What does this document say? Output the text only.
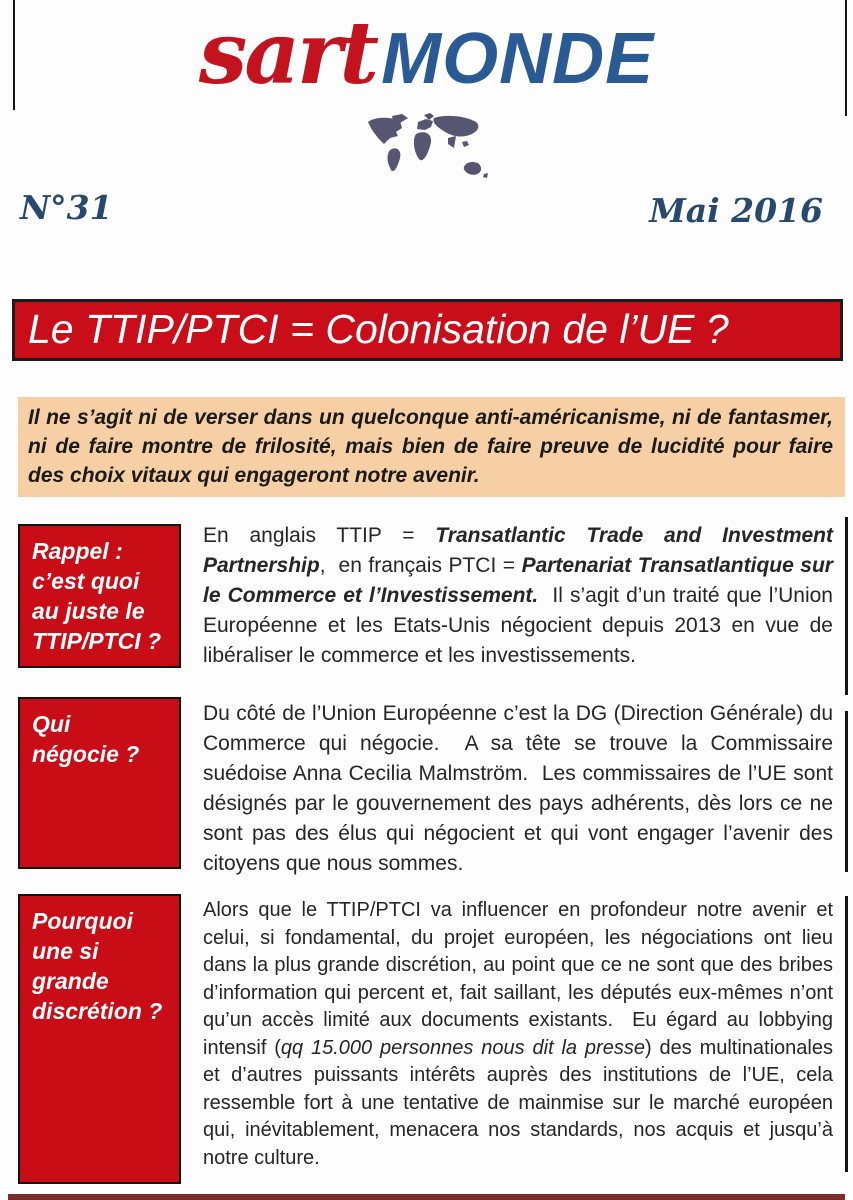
sartMONDE
N°31	Mai 2016
Le TTIP/PTCI = Colonisation de l’UE ?
Il ne s’agit ni de verser dans un quelconque anti-américanisme, ni de fantasmer, ni de faire montre de frilosité, mais bien de faire preuve de lucidité pour faire des choix vitaux qui engageront notre avenir.
Rappel :
c’est quoi
au juste le
TTIP/PTCI ?
En anglais TTIP = Transatlantic Trade and Investment Partnership,  en français PTCI = Partenariat Transatlantique sur le Commerce et l’Investissement.  Il s’agit d’un traité que l’Union Européenne et les Etats-Unis négocient depuis 2013 en vue de libéraliser le commerce et les investissements.
Qui
négocie ?
Du côté de l’Union Européenne c’est la DG (Direction Générale) du Commerce qui négocie.  A sa tête se trouve la Commissaire suédoise Anna Cecilia Malmström.  Les commissaires de l’UE sont désignés par le gouvernement des pays adhérents, dès lors ce ne sont pas des élus qui négocient et qui vont engager l’avenir des citoyens que nous sommes.
Pourquoi
une si
grande
discrétion ?
Alors que le TTIP/PTCI va influencer en profondeur notre avenir et celui, si fondamental, du projet européen, les négociations ont lieu dans la plus grande discrétion, au point que ce ne sont que des bribes d’information qui percent et, fait saillant, les députés eux-mêmes n’ont qu’un accès limité aux documents existants.  Eu égard au lobbying intensif (qq 15.000 personnes nous dit la presse) des multinationales et d’autres puissants intérêts auprès des institutions de l’UE, cela ressemble fort à une tentative de mainmise sur le marché européen qui, inévitablement, menacera nos standards, nos acquis et jusqu’à notre culture.
